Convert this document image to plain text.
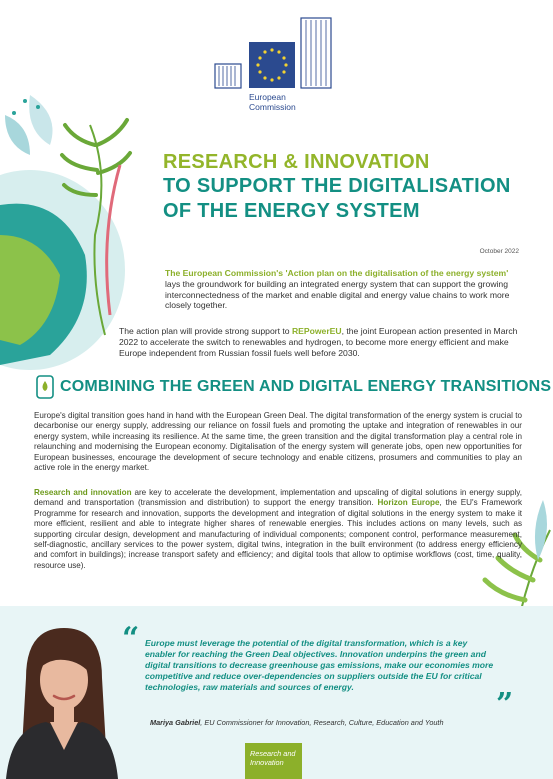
European
Commission
RESEARCH & INNOVATION
TO SUPPORT THE DIGITALISATION
OF THE ENERGY SYSTEM
October 2022

The European Commission's 'Action plan on the digitalisation of the energy system' lays the groundwork for building an integrated energy system that can support the growing interconnectedness of the market and enable digital and energy value chains to work more closely together.

The action plan will provide strong support to REPowerEU, the joint European action presented in March 2022 to accelerate the switch to renewables and hydrogen, to become more energy efficient and make Europe independent from Russian fossil fuels well before 2030.

COMBINING THE GREEN AND DIGITAL ENERGY TRANSITIONS

Europe's digital transition goes hand in hand with the European Green Deal. The digital transformation of the energy system is crucial to decarbonise our energy supply, addressing our reliance on fossil fuels and promoting the uptake and integration of renewables in our energy system, while increasing its resilience. At the same time, the green transition and the digital transformation play a central role in relaunching and modernising the European economy. Digitalisation of the energy system will generate jobs, open new opportunities for European businesses, encourage the development of secure technology and enable citizens, prosumers and communities to play an active role in the energy market.

Research and innovation are key to accelerate the development, implementation and upscaling of digital solutions in energy supply, demand and transportation (transmission and distribution) to support the energy transition. Horizon Europe, the EU's Framework Programme for research and innovation, supports the development and integration of digital solutions in the energy system to make it more efficient, resilient and able to integrate higher shares of renewable energies. This includes actions on many levels, such as supporting circular design, development and manufacturing of individual components; component control, performance measurement, self-diagnostic, ancillary services to the power system, digital twins, integration in the built environment (to address energy efficiency and comfort in buildings); increase transport safety and efficiency; and digital tools that allow to optimise workflows (cost, time, quality, resource use).

“ Europe must leverage the potential of the digital transformation, which is a key enabler for reaching the Green Deal objectives. Innovation underpins the green and digital transitions to decrease greenhouse gas emissions, make our economies more competitive and reduce over-dependencies on suppliers outside the EU for critical technologies, raw materials and sources of energy.	”
Mariya Gabriel, EU Commissioner for Innovation, Research, Culture, Education and Youth
Research and
Innovation
